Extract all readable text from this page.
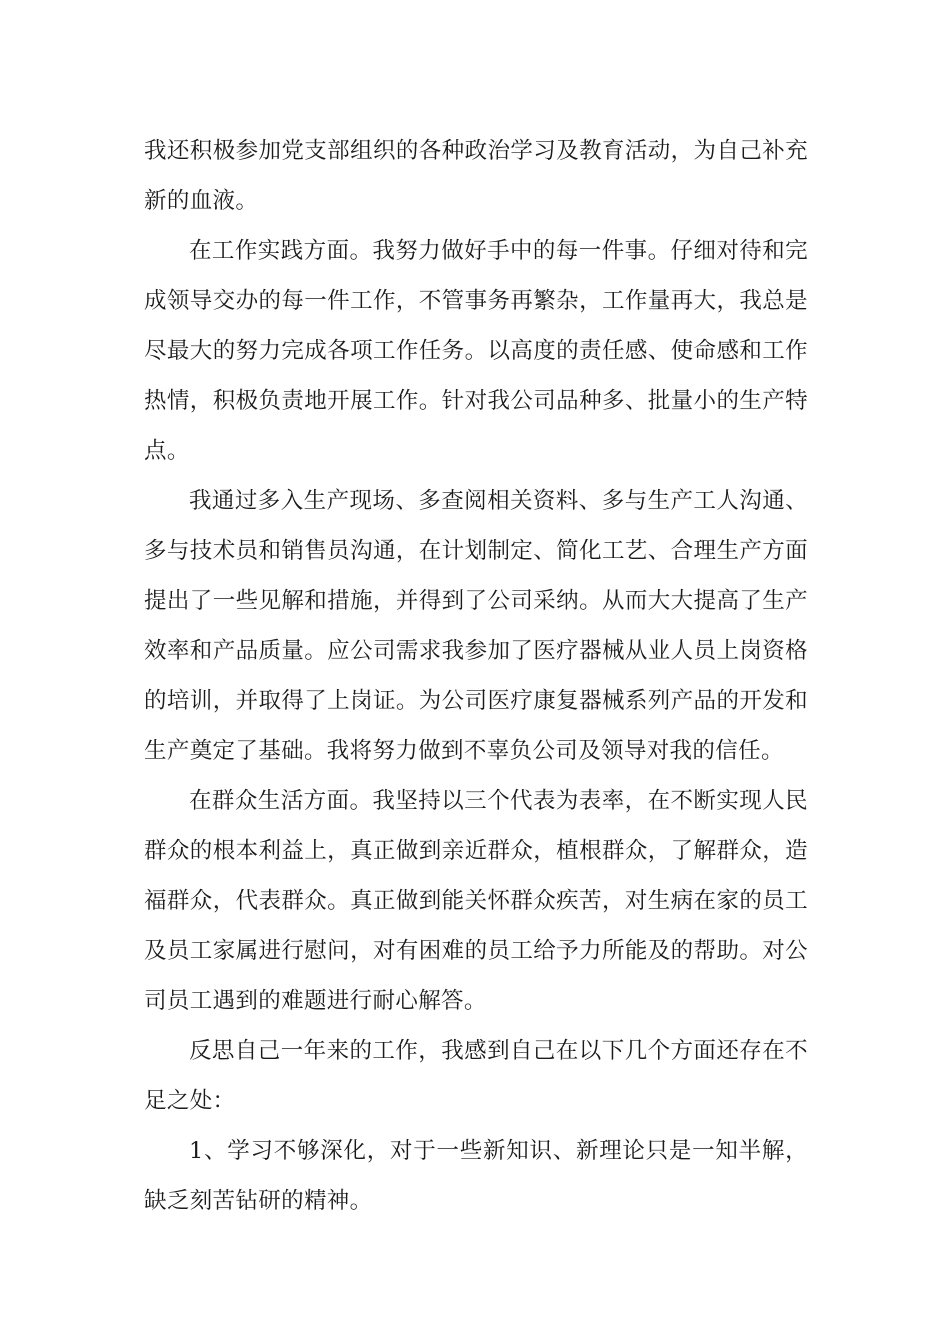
我还积极参加党支部组织的各种政治学习及教育活动，为自己补充新的血液。

在工作实践方面。我努力做好手中的每一件事。仔细对待和完成领导交办的每一件工作，不管事务再繁杂，工作量再大，我总是尽最大的努力完成各项工作任务。以高度的责任感、使命感和工作热情，积极负责地开展工作。针对我公司品种多、批量小的生产特点。

我通过多入生产现场、多查阅相关资料、多与生产工人沟通、多与技术员和销售员沟通，在计划制定、简化工艺、合理生产方面提出了一些见解和措施，并得到了公司采纳。从而大大提高了生产效率和产品质量。应公司需求我参加了医疗器械从业人员上岗资格的培训，并取得了上岗证。为公司医疗康复器械系列产品的开发和生产奠定了基础。我将努力做到不辜负公司及领导对我的信任。

在群众生活方面。我坚持以三个代表为表率，在不断实现人民群众的根本利益上，真正做到亲近群众，植根群众，了解群众，造福群众，代表群众。真正做到能关怀群众疾苦，对生病在家的员工及员工家属进行慰问，对有困难的员工给予力所能及的帮助。对公司员工遇到的难题进行耐心解答。

反思自己一年来的工作，我感到自己在以下几个方面还存在不足之处：

1、学习不够深化，对于一些新知识、新理论只是一知半解，缺乏刻苦钻研的精神。
